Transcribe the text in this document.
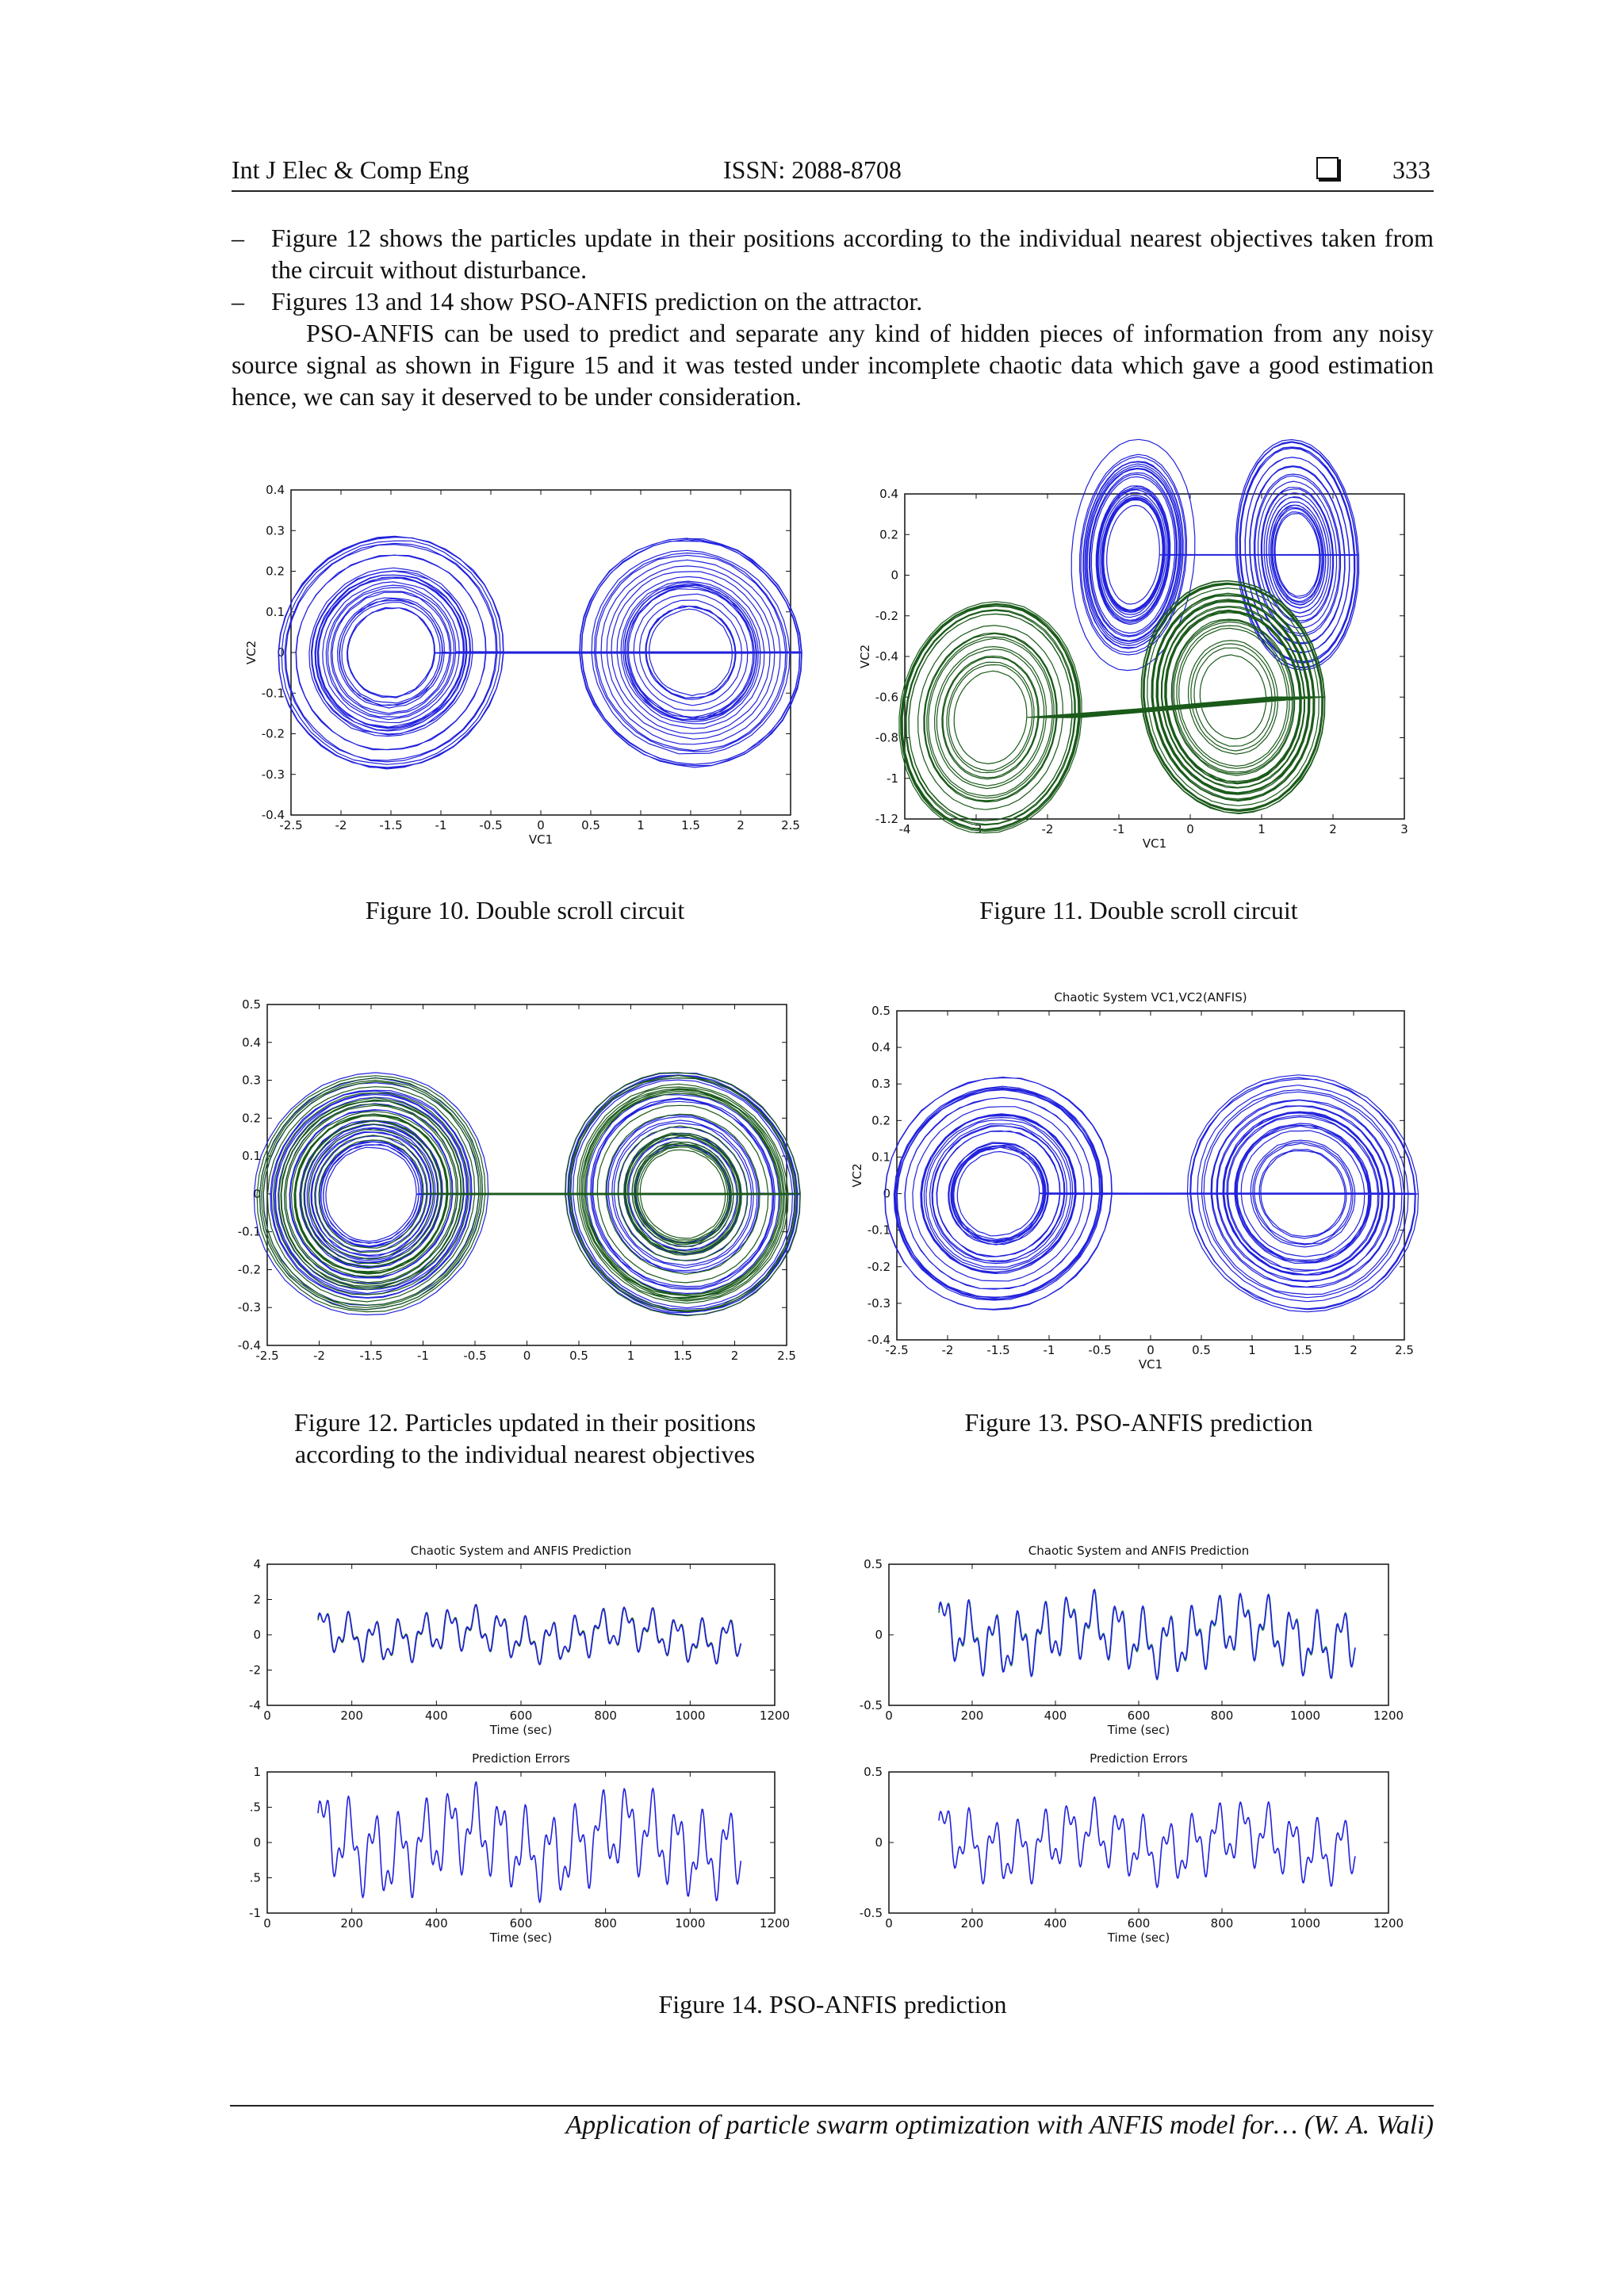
Int J Elec & Comp Eng	ISSN: 2088-8708	333
– Figure 12 shows the particles update in their positions according to the individual nearest objectives taken from the circuit without disturbance.
– Figures 13 and 14 show PSO-ANFIS prediction on the attractor.

PSO-ANFIS can be used to predict and separate any kind of hidden pieces of information from any noisy source signal as shown in Figure 15 and it was tested under incomplete chaotic data which gave a good estimation hence, we can say it deserved to be under consideration.

-2.5	-2	-1.5	-1	-0.5	0	0.5	1	1.5	2	2.5
-0.4
-0.3
-0.2
-0.1
0
0.1
0.2
0.3
0.4
VC1
VC2
-4	-3	-2	-1	0	1	2	3
-1.2
-1
-0.8
-0.6
-0.4
-0.2
0
0.2
0.4
VC1
VC2
-2.5	-2	-1.5	-1	-0.5	0	0.5	1	1.5	2	2.5
-0.4
-0.3
-0.2
-0.1
0
0.1
0.2
0.3
0.4
0.5
-2.5	-2	-1.5	-1	-0.5	0	0.5	1	1.5	2	2.5
-0.4
-0.3
-0.2
-0.1
0
0.1
0.2
0.3
0.4
0.5
Chaotic System VC1,VC2(ANFIS)
VC1
VC2
0	200	400	600	800	1000	1200
-4
-2
0
2
4
Chaotic System and ANFIS Prediction
Time (sec)
0	200	400	600	800	1000	1200
-1
.5
0
.5
1
Prediction Errors
Time (sec)
0	200	400	600	800	1000	1200
-0.5
0
0.5
Chaotic System and ANFIS Prediction
Time (sec)
0	200	400	600	800	1000	1200
-0.5
0
0.5
Prediction Errors
Time (sec)
Figure 10. Double scroll circuit	Figure 11. Double scroll circuit
Figure 12. Particles updated in their positions
according to the individual nearest objectives
Figure 13. PSO-ANFIS prediction
Figure 14. PSO-ANFIS prediction
Application of particle swarm optimization with ANFIS model for… (W. A. Wali)
